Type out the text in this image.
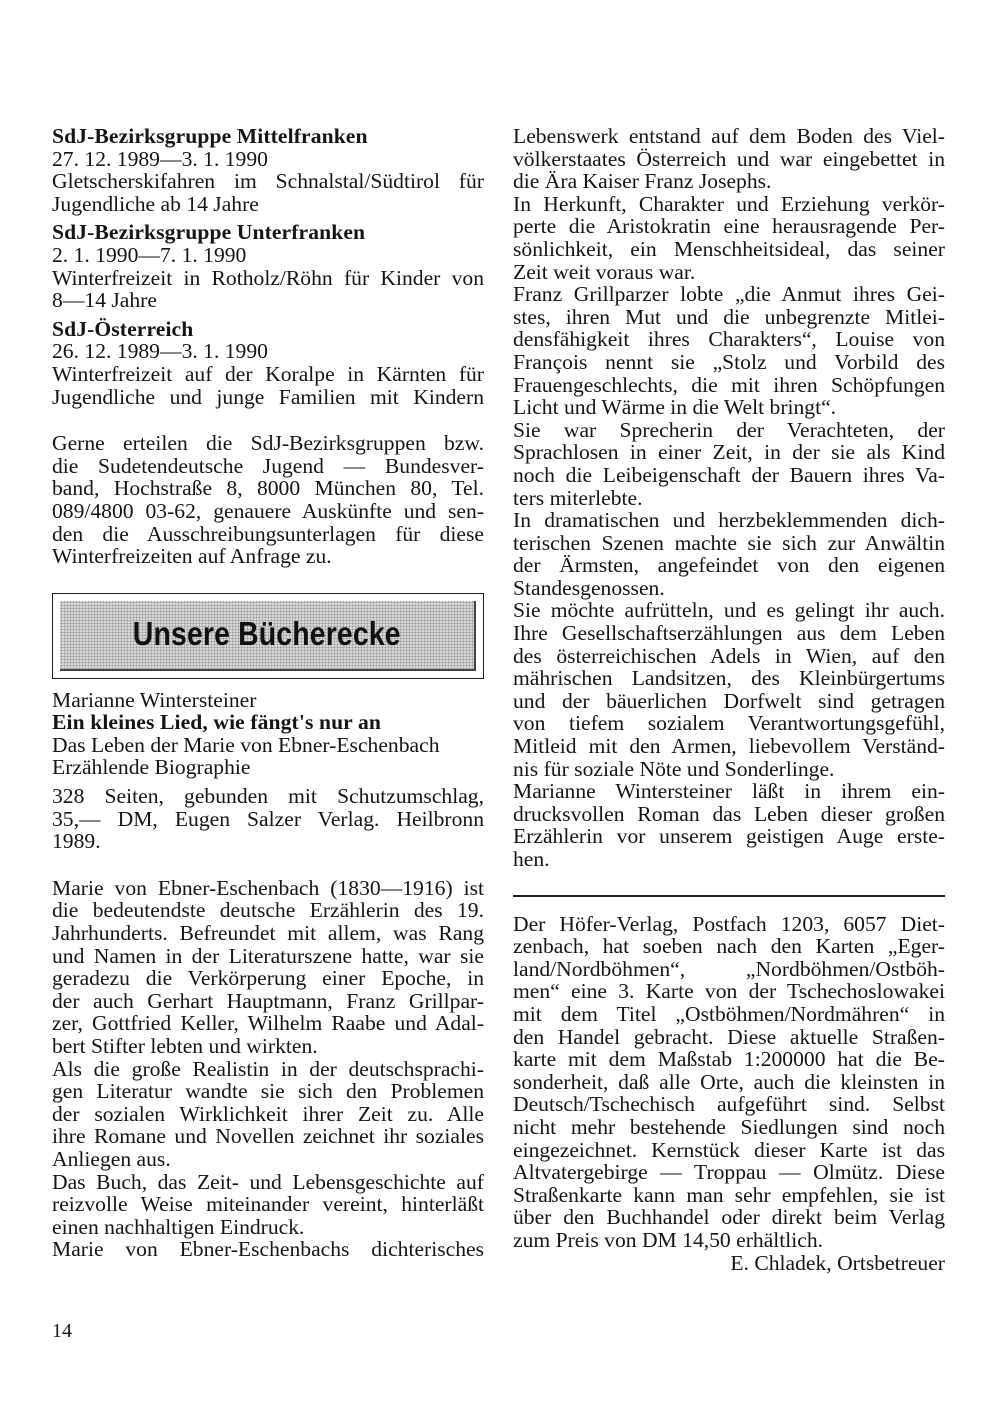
SdJ-Bezirksgruppe Mittelfranken

27. 12. 1989—3. 1. 1990

Gletscherskifahren im Schnalstal/Südtirol für

Jugendliche ab 14 Jahre

SdJ-Bezirksgruppe Unterfranken

2. 1. 1990—7. 1. 1990

Winterfreizeit in Rotholz/Röhn für Kinder von

8—14 Jahre

SdJ-Österreich

26. 12. 1989—3. 1. 1990

Winterfreizeit auf der Koralpe in Kärnten für

Jugendliche und junge Familien mit Kindern

Gerne erteilen die SdJ-Bezirksgruppen bzw.

die Sudetendeutsche Jugend — Bundesver-

band, Hochstraße 8, 8000 München 80, Tel.

089/4800 03-62, genauere Auskünfte und sen-

den die Ausschreibungsunterlagen für diese

Winterfreizeiten auf Anfrage zu.

Unsere Bücherecke

Marianne Wintersteiner

Ein kleines Lied, wie fängt's nur an

Das Leben der Marie von Ebner-Eschenbach

Erzählende Biographie

328 Seiten, gebunden mit Schutzumschlag,

35,— DM, Eugen Salzer Verlag. Heilbronn

1989.

Marie von Ebner-Eschenbach (1830—1916) ist

die bedeutendste deutsche Erzählerin des 19.

Jahrhunderts. Befreundet mit allem, was Rang

und Namen in der Literaturszene hatte, war sie

geradezu die Verkörperung einer Epoche, in

der auch Gerhart Hauptmann, Franz Grillpar-

zer, Gottfried Keller, Wilhelm Raabe und Adal-

bert Stifter lebten und wirkten.

Als die große Realistin in der deutschsprachi-

gen Literatur wandte sie sich den Problemen

der sozialen Wirklichkeit ihrer Zeit zu. Alle

ihre Romane und Novellen zeichnet ihr soziales

Anliegen aus.

Das Buch, das Zeit- und Lebensgeschichte auf

reizvolle Weise miteinander vereint, hinterläßt

einen nachhaltigen Eindruck.

Marie von Ebner-Eschenbachs dichterisches

Lebenswerk entstand auf dem Boden des Viel-

völkerstaates Österreich und war eingebettet in

die Ära Kaiser Franz Josephs.

In Herkunft, Charakter und Erziehung verkör-

perte die Aristokratin eine herausragende Per-

sönlichkeit, ein Menschheitsideal, das seiner

Zeit weit voraus war.

Franz Grillparzer lobte „die Anmut ihres Gei-

stes, ihren Mut und die unbegrenzte Mitlei-

densfähigkeit ihres Charakters“, Louise von

François nennt sie „Stolz und Vorbild des

Frauengeschlechts, die mit ihren Schöpfungen

Licht und Wärme in die Welt bringt“.

Sie war Sprecherin der Verachteten, der

Sprachlosen in einer Zeit, in der sie als Kind

noch die Leibeigenschaft der Bauern ihres Va-

ters miterlebte.

In dramatischen und herzbeklemmenden dich-

terischen Szenen machte sie sich zur Anwältin

der Ärmsten, angefeindet von den eigenen

Standesgenossen.

Sie möchte aufrütteln, und es gelingt ihr auch.

Ihre Gesellschaftserzählungen aus dem Leben

des österreichischen Adels in Wien, auf den

mährischen Landsitzen, des Kleinbürgertums

und der bäuerlichen Dorfwelt sind getragen

von tiefem sozialem Verantwortungsgefühl,

Mitleid mit den Armen, liebevollem Verständ-

nis für soziale Nöte und Sonderlinge.

Marianne Wintersteiner läßt in ihrem ein-

drucksvollen Roman das Leben dieser großen

Erzählerin vor unserem geistigen Auge erste-

hen.

Der Höfer-Verlag, Postfach 1203, 6057 Diet-

zenbach, hat soeben nach den Karten „Eger-

land/Nordböhmen“, „Nordböhmen/Ostböh-

men“ eine 3. Karte von der Tschechoslowakei

mit dem Titel „Ostböhmen/Nordmähren“ in

den Handel gebracht. Diese aktuelle Straßen-

karte mit dem Maßstab 1:200000 hat die Be-

sonderheit, daß alle Orte, auch die kleinsten in

Deutsch/Tschechisch aufgeführt sind. Selbst

nicht mehr bestehende Siedlungen sind noch

eingezeichnet. Kernstück dieser Karte ist das

Altvatergebirge — Troppau — Olmütz. Diese

Straßenkarte kann man sehr empfehlen, sie ist

über den Buchhandel oder direkt beim Verlag

zum Preis von DM 14,50 erhältlich.

E. Chladek, Ortsbetreuer

14
